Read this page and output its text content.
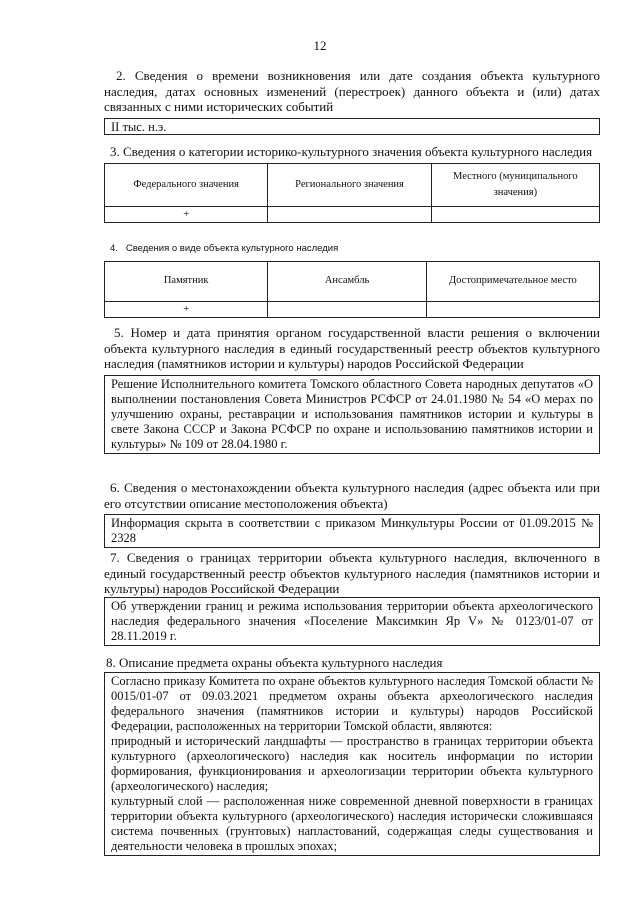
12
2. Сведения о времени возникновения или дате создания объекта культурного наследия, датах основных изменений (перестроек) данного объекта и (или) датах связанных с ними исторических событий
II тыс. н.э.
3. Сведения о категории историко-культурного значения объекта культурного наследия
Федерального значения	Регионального значения	Местного (муниципального значения)
+		
4.   Сведения о виде объекта культурного наследия
Памятник	Ансамбль	Достопримечательное место
+		
5. Номер и дата принятия органом государственной власти решения о включении объекта культурного наследия в единый государственный реестр объектов культурного наследия (памятников истории и культуры) народов Российской Федерации
Решение Исполнительного комитета Томского областного Совета народных депутатов «О выполнении постановления Совета Министров РСФСР от 24.01.1980 № 54 «О мерах по улучшению охраны, реставрации и использования памятников истории и культуры в свете Закона СССР и Закона РСФСР по охране и использованию памятников истории и культуры» № 109 от 28.04.1980 г.
6. Сведения о местонахождении объекта культурного наследия (адрес объекта или при его отсутствии описание местоположения объекта)
Информация скрыта в соответствии с приказом Минкультуры России от 01.09.2015 № 2328
7. Сведения о границах территории объекта культурного наследия, включенного в единый государственный реестр объектов культурного наследия (памятников истории и культуры) народов Российской Федерации
Об утверждении границ и режима использования территории объекта археологического наследия федерального значения «Поселение Максимкин Яр V» № 0123/01-07 от 28.11.2019 г.
8. Описание предмета охраны объекта культурного наследия

Согласно приказу Комитета по охране объектов культурного наследия Томской области № 0015/01-07 от 09.03.2021 предметом охраны объекта археологического наследия федерального значения (памятников истории и культуры) народов Российской Федерации, расположенных на территории Томской области, являются:

природный и исторический ландшафты — пространство в границах территории объекта культурного (археологического) наследия как носитель информации по истории формирования, функционирования и археологизации территории объекта культурного (археологического) наследия;

культурный слой — расположенная ниже современной дневной поверхности в границах территории объекта культурного (археологического) наследия исторически сложившаяся система почвенных (грунтовых) напластований, содержащая следы существования и деятельности человека в прошлых эпохах;
